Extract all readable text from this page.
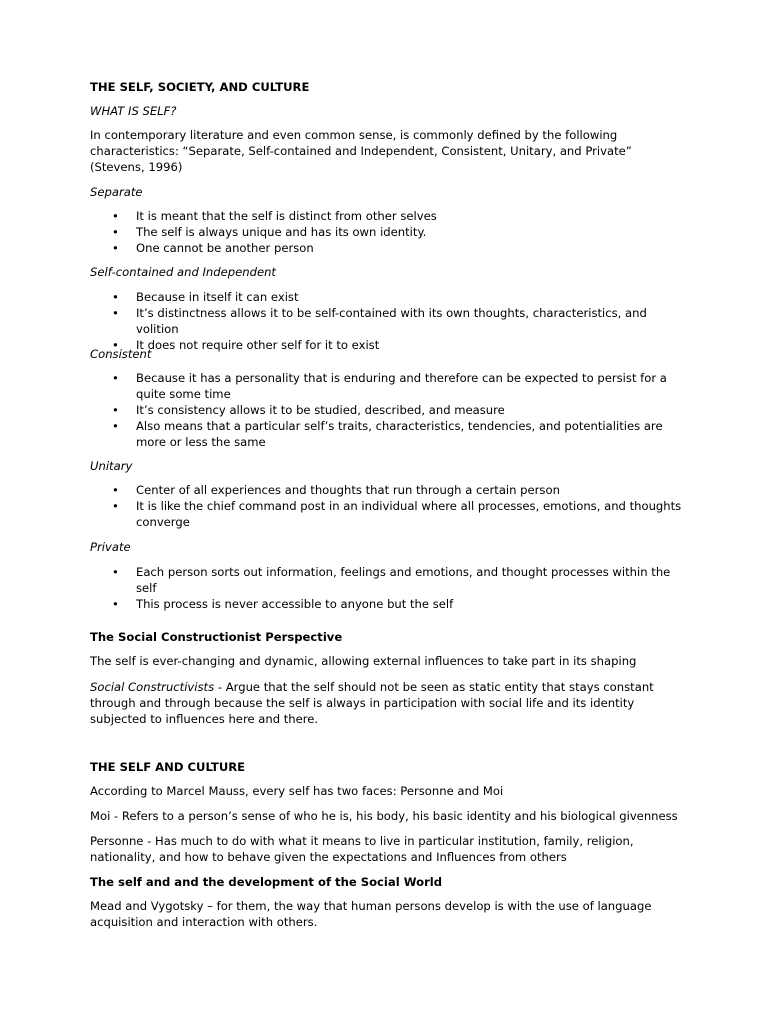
THE SELF, SOCIETY, AND CULTURE

WHAT IS SELF?

In contemporary literature and even common sense, is commonly defined by the following characteristics: “Separate, Self-contained and Independent, Consistent, Unitary, and Private” (Stevens, 1996)

Separate

• It is meant that the self is distinct from other selves
• The self is always unique and has its own identity.
• One cannot be another person

Self-contained and Independent

• Because in itself it can exist
• It’s distinctness allows it to be self-contained with its own thoughts, characteristics, and volition
• It does not require other self for it to exist

Consistent

• Because it has a personality that is enduring and therefore can be expected to persist for a quite some time
• It’s consistency allows it to be studied, described, and measure
• Also means that a particular self’s traits, characteristics, tendencies, and potentialities are more or less the same

Unitary

• Center of all experiences and thoughts that run through a certain person
• It is like the chief command post in an individual where all processes, emotions, and thoughts converge

Private

• Each person sorts out information, feelings and emotions, and thought processes within the self
• This process is never accessible to anyone but the self

The Social Constructionist Perspective

The self is ever-changing and dynamic, allowing external influences to take part in its shaping

Social Constructivists - Argue that the self should not be seen as static entity that stays constant through and through because the self is always in participation with social life and its identity subjected to influences here and there.

THE SELF AND CULTURE

According to Marcel Mauss, every self has two faces: Personne and Moi

Moi - Refers to a person’s sense of who he is, his body, his basic identity and his biological givenness

Personne - Has much to do with what it means to live in particular institution, family, religion, nationality, and how to behave given the expectations and Influences from others

The self and and the development of the Social World

Mead and Vygotsky – for them, the way that human persons develop is with the use of language acquisition and interaction with others.
